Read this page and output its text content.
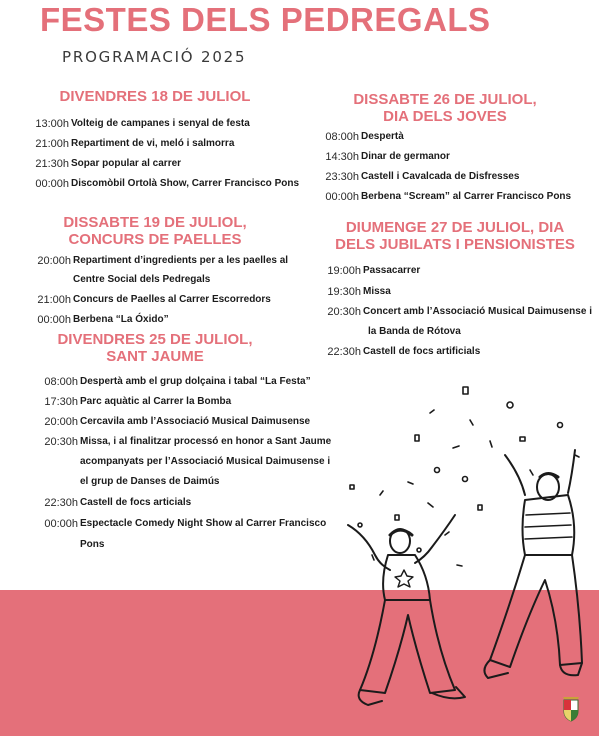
FESTES DELS PEDREGALS
PROGRAMACIÓ 2025
DIVENDRES 18 DE JULIOL
13:00h Volteig de campanes i senyal de festa
21:00h Repartiment de vi, meló i salmorra
21:30h Sopar popular al carrer
00:00h Discomòbil Ortolà Show, Carrer Francisco Pons
DISSABTE 19 DE JULIOL,
CONCURS DE PAELLES
20:00h Repartiment d’ingredients per a les paelles al
Centre Social dels Pedregals
21:00h Concurs de Paelles al Carrer Escorredors
00:00h Berbena “La Óxido”
DIVENDRES 25 DE JULIOL,
SANT JAUME
08:00h Despertà amb el grup dolçaina i tabal “La Festa”
17:30h Parc aquàtic al Carrer la Bomba
20:00h Cercavila amb l’Associació Musical Daimusense
20:30h Missa, i al finalitzar processó en honor a Sant Jaume
acompanyats per l’Associació Musical Daimusense i
el grup de Danses de Daimús
22:30h Castell de focs articials
00:00h Espectacle Comedy Night Show al Carrer Francisco
Pons
DISSABTE 26 DE JULIOL,
DIA DELS JOVES
08:00h Despertà
14:30h Dinar de germanor
23:30h Castell i Cavalcada de Disfresses
00:00h Berbena “Scream” al Carrer Francisco Pons
DIUMENGE 27 DE JULIOL, DIA
DELS JUBILATS I PENSIONISTES
19:00h Passacarrer
19:30h Missa
20:30h Concert amb l’Associació Musical Daimusense i
la Banda de Rótova
22:30h Castell de focs artificials
